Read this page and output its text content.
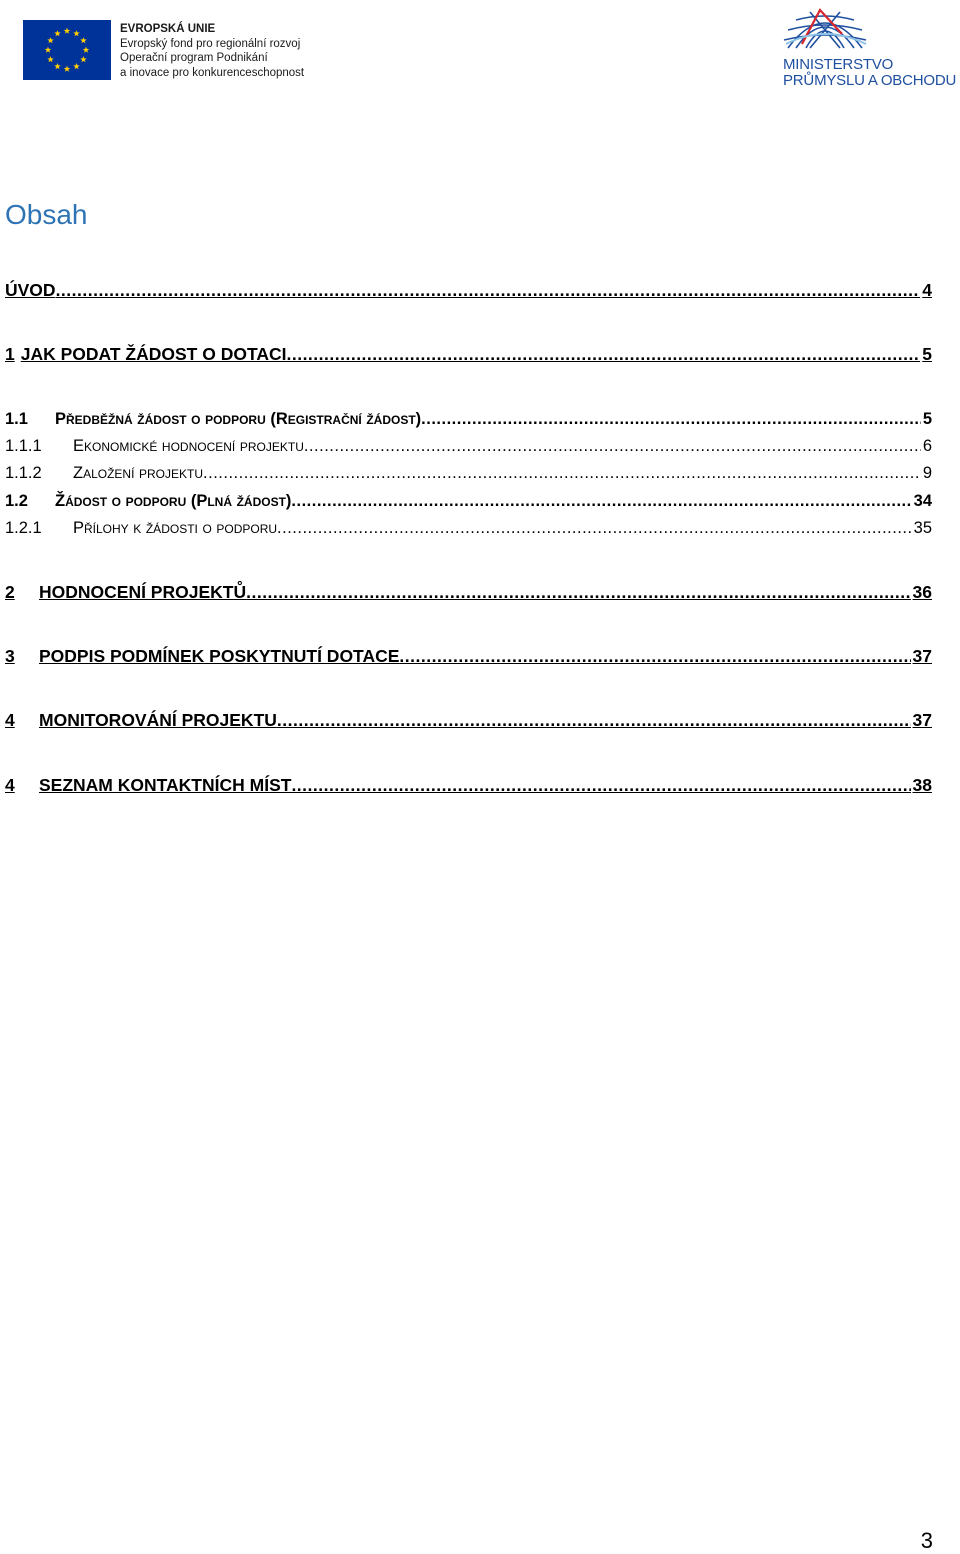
EVROPSKÁ UNIE
Evropský fond pro regionální rozvoj
Operační program Podnikání
a inovace pro konkurenceschopnost	MINISTERSTVO
PRŮMYSLU A OBCHODU
Obsah
ÚVOD .....	4
1 JAK PODAT ŽÁDOST O DOTACI .....	5
1.1	Předběžná žádost o podporu (Registrační žádost) .....	5
1.1.1	Ekonomické hodnocení projektu .....	6
1.1.2	Založení projektu .....	9
1.2	Žádost o podporu (Plná žádost) .....	34
1.2.1	Přílohy k žádosti o podporu .....	35
2	HODNOCENÍ PROJEKTŮ .....	36
3	PODPIS PODMÍNEK POSKYTNUTÍ DOTACE .....	37
4	MONITOROVÁNÍ PROJEKTU .....	37
4	SEZNAM KONTAKTNÍCH MÍST .....	38
3
